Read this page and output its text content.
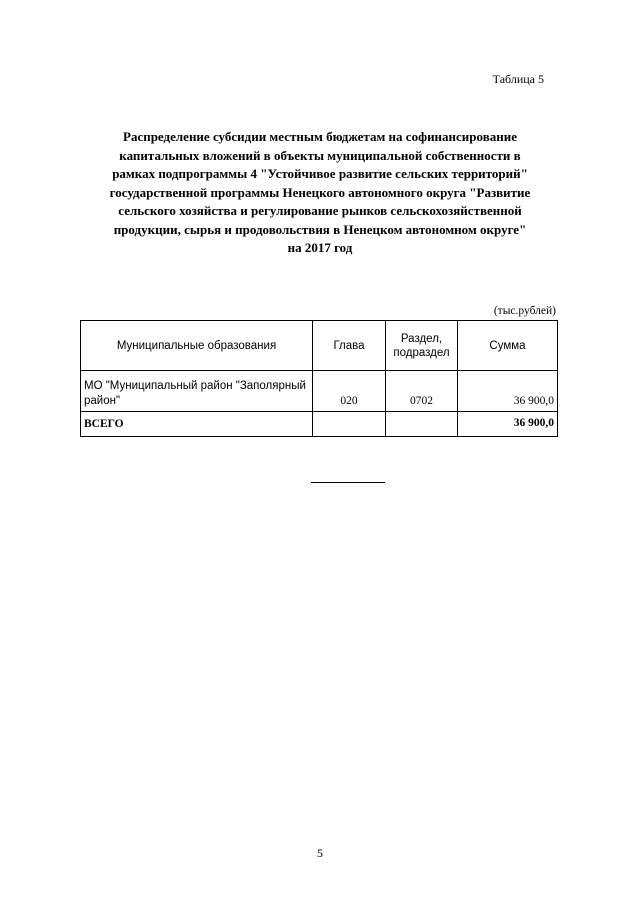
Таблица 5
Распределение субсидии местным бюджетам на софинансирование
капитальных вложений в объекты муниципальной собственности в
рамках подпрограммы 4 "Устойчивое развитие сельских территорий"
государственной программы Ненецкого автономного округа "Развитие
сельского хозяйства и регулирование рынков сельскохозяйственной
продукции, сырья и продовольствия в Ненецком автономном округе"
на 2017 год
(тыс.рублей)
Муниципальные образования	Глава	Раздел, подраздел	Сумма
МО "Муниципальный район "Заполярный район"	020	0702	36 900,0
ВСЕГО			36 900,0
5
